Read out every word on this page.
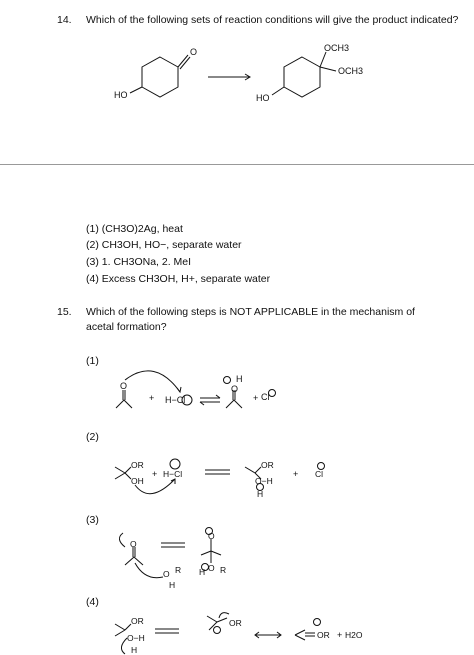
14. Which of the following sets of reaction conditions will give the product indicated?
O
HO
OCH3
OCH3
HO
(1) (CH3O)2Ag, heat
(2) CH3OH, HO−, separate water
(3) 1. CH3ONa, 2. MeI
(4) Excess CH3OH, H+, separate water
15. Which of the following steps is NOT APPLICABLE in the mechanism of acetal formation?
(1)
O
+ H−Cl
H
O
+ Cl
(2)
OR
OH
+ H−Cl
OR
O−H
H
+ Cl
(3)
O
O
O R
H
O R
H
(4)
OR
O−H
H
OR
OR + H2O
